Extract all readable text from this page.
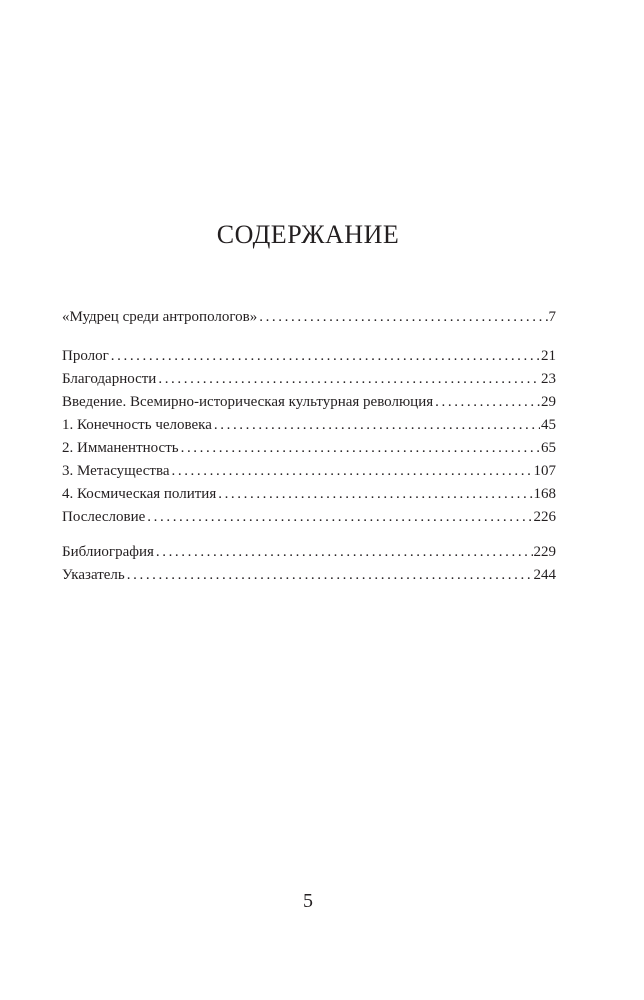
СОДЕРЖАНИЕ
«Мудрец среди антропологов» .....	7
Пролог .....	21
Благодарности .....	23
Введение. Всемирно-историческая культурная революция .....	29
1. Конечность человека .....	45
2. Имманентность .....	65
3. Метасущества .....	107
4. Космическая полития .....	168
Послесловие .....	226
Библиография .....	229
Указатель .....	244
5
